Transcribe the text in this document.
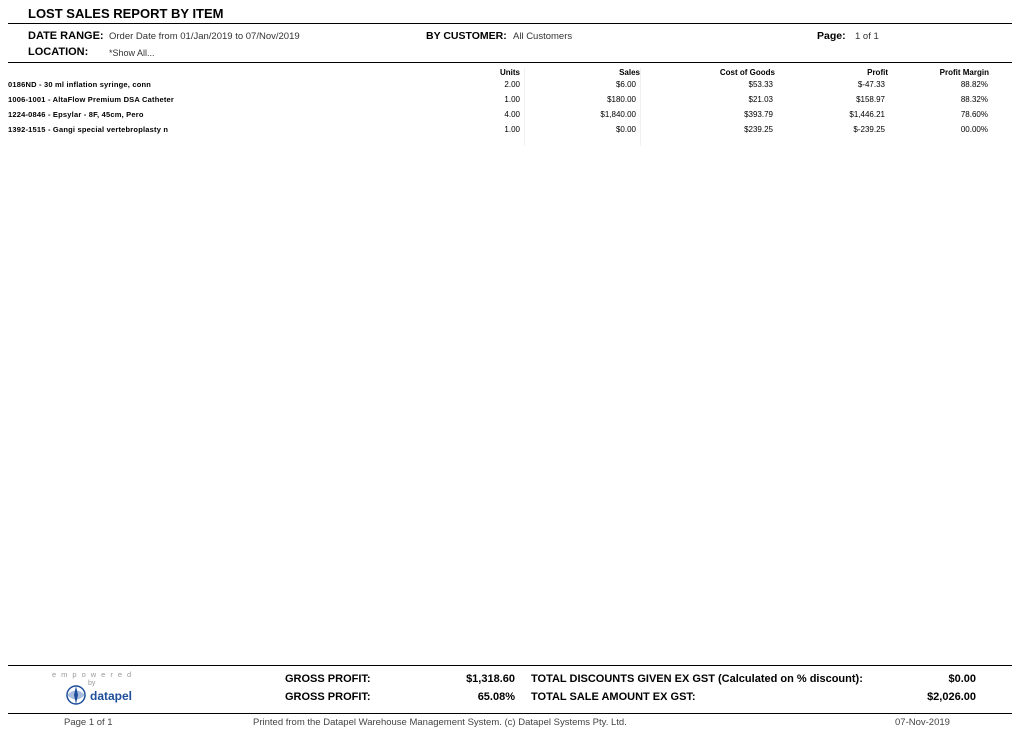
LOST SALES REPORT BY ITEM
DATE RANGE: Order Date from 01/Jan/2019 to 07/Nov/2019	BY CUSTOMER: All Customers	Page: 1 of 1
LOCATION: *Show All...
Units	Sales	Cost of Goods	Profit	Profit Margin
0186ND - 30 ml inflation syringe, conn	2.00	$6.00	$53.33	$-47.33	88.82%
1006-1001 - AltaFlow Premium DSA Catheter	1.00	$180.00	$21.03	$158.97	88.32%
1224-0846 - Epsylar - 8F, 45cm, Pero	4.00	$1,840.00	$393.79	$1,446.21	78.60%
1392-1515 - Gangi special vertebroplasty n	1.00	$0.00	$239.25	$-239.25	00.00%
empowered
by
datapel
GROSS PROFIT:	$1,318.60
GROSS PROFIT:	65.08%
TOTAL DISCOUNTS GIVEN EX GST (Calculated on % discount):	$0.00
TOTAL SALE AMOUNT EX GST:	$2,026.00
Page 1 of 1	Printed from the Datapel Warehouse Management System. (c) Datapel Systems Pty. Ltd.	07-Nov-2019
